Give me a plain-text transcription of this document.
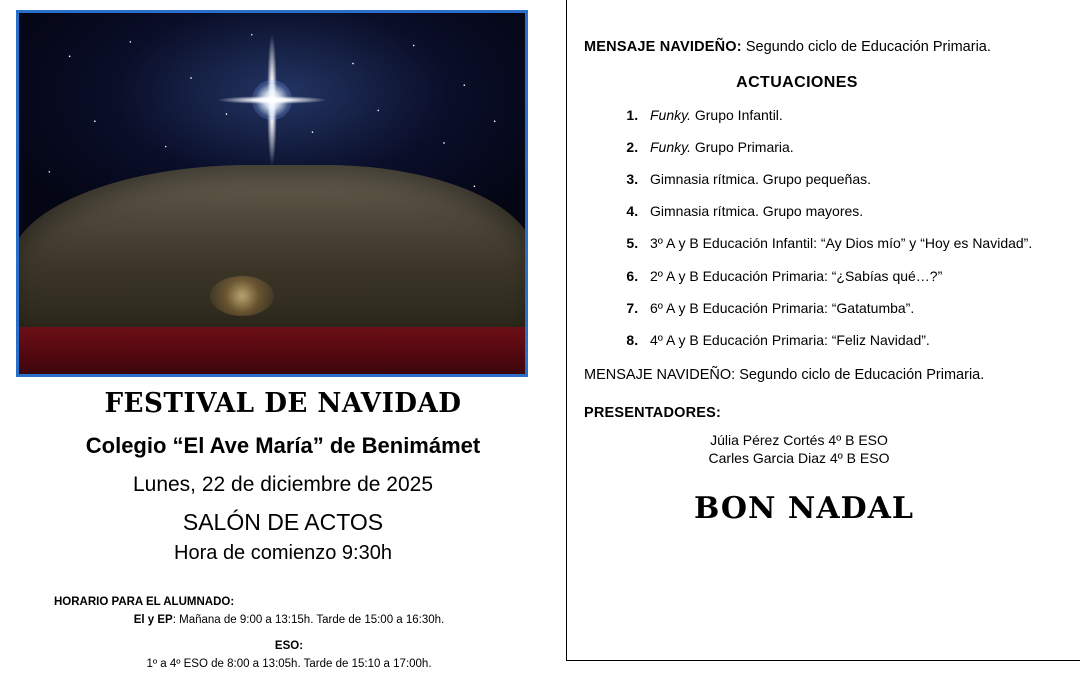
FESTIVAL DE NAVIDAD
Colegio “El Ave María” de Benimámet
Lunes, 22 de diciembre de 2025
SALÓN DE ACTOS
Hora de comienzo 9:30h
HORARIO PARA EL ALUMNADO:
El y EP: Mañana de 9:00 a 13:15h. Tarde de 15:00 a 16:30h.
ESO:
1º a 4º ESO de 8:00 a 13:05h. Tarde de 15:10 a 17:00h.

MENSAJE NAVIDEÑO: Segundo ciclo de Educación Primaria.

ACTUACIONES
1. Funky. Grupo Infantil.
2. Funky. Grupo Primaria.
3. Gimnasia rítmica. Grupo pequeñas.
4. Gimnasia rítmica. Grupo mayores.
5. 3º A y B Educación Infantil: “Ay Dios mío” y “Hoy es Navidad”.
6. 2º A y B Educación Primaria: “¿Sabías qué…?”
7. 6º A y B Educación Primaria: “Gatatumba”.
8. 4º A y B Educación Primaria: “Feliz Navidad”.

MENSAJE NAVIDEÑO: Segundo ciclo de Educación Primaria.

PRESENTADORES:
Júlia Pérez Cortés 4º B ESO
Carles Garcia Diaz 4º B ESO
BON NADAL
